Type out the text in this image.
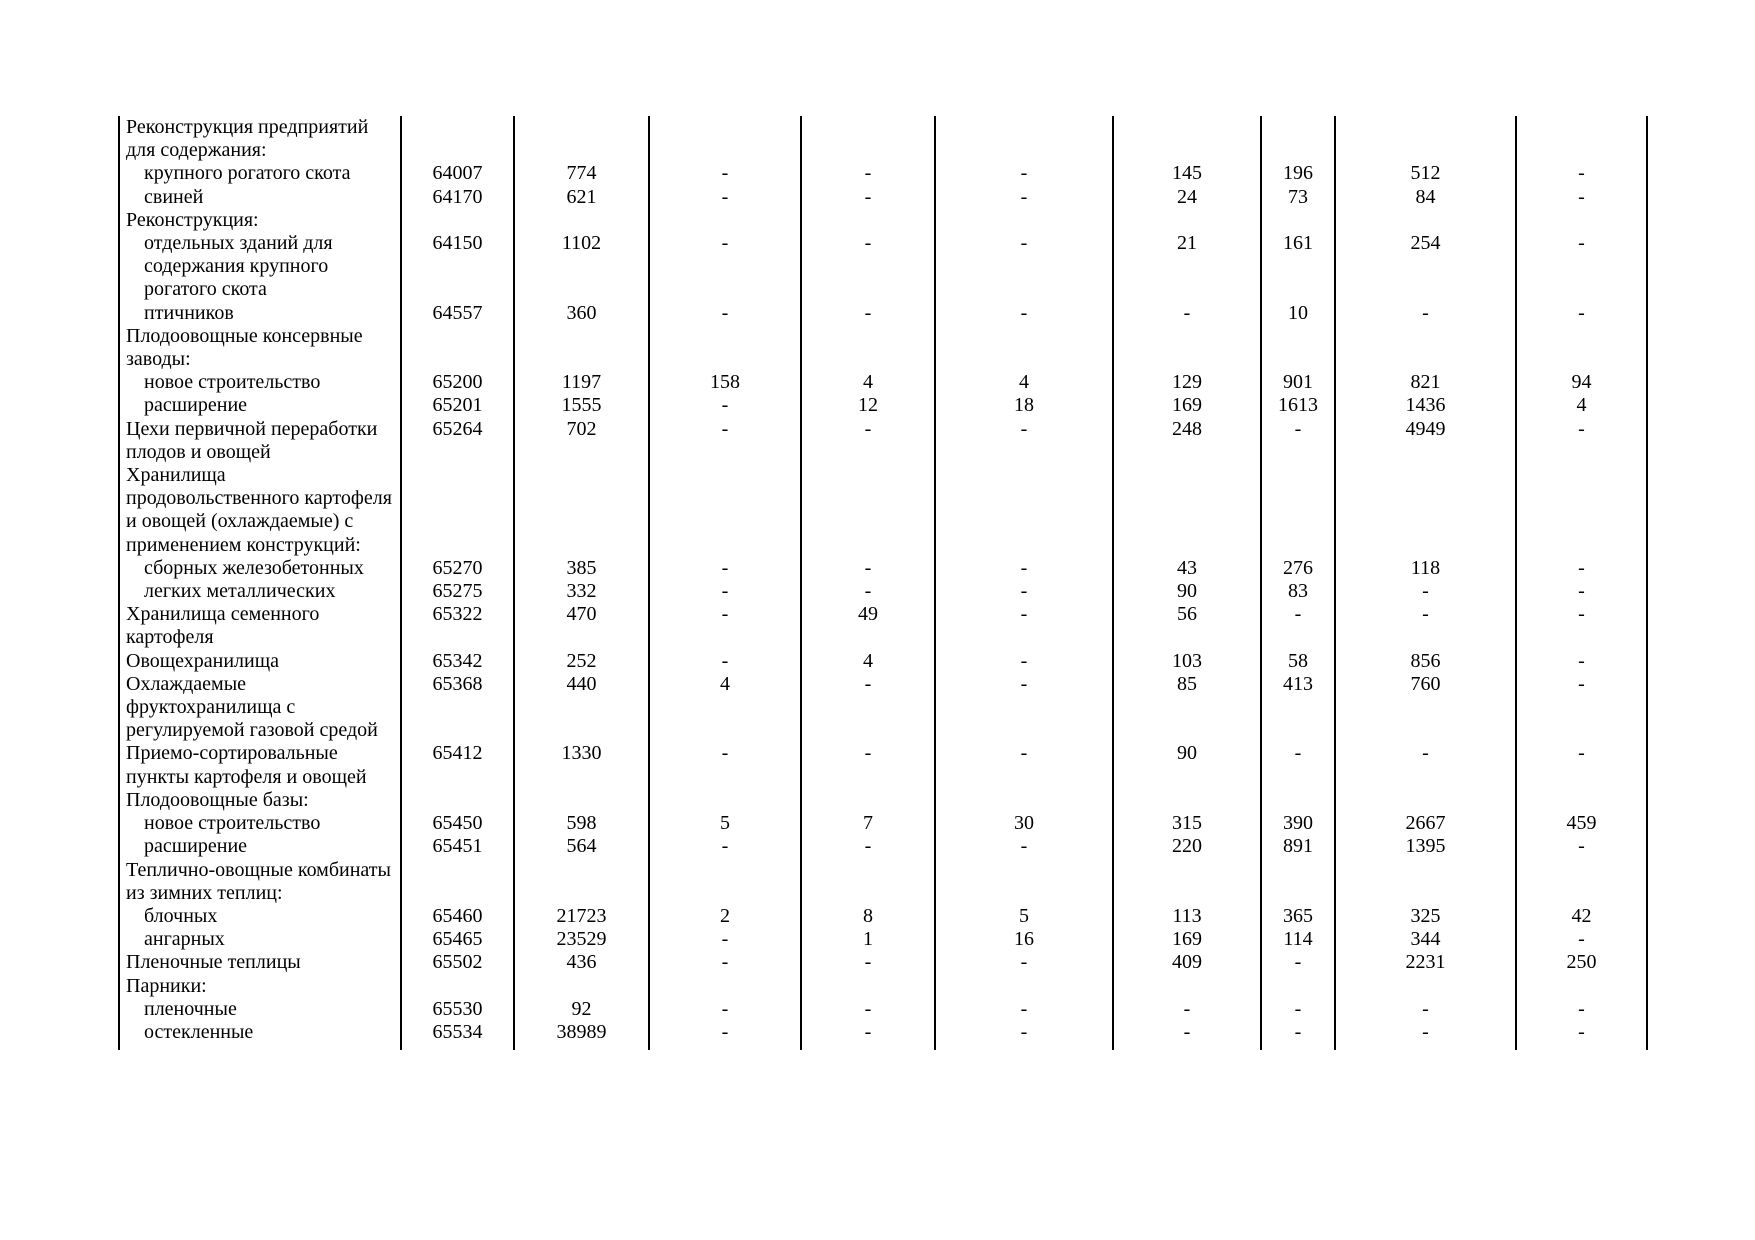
Реконструкция предприятий для содержания:									
крупного рогатого скота	64007	774	-	-	-	145	196	512	-
свиней	64170	621	-	-	-	24	73	84	-
Реконструкция:									
отдельных зданий для содержания крупного рогатого скота	64150	1102	-	-	-	21	161	254	-
птичников	64557	360	-	-	-	-	10	-	-
Плодоовощные консервные заводы:									
новое строительство	65200	1197	158	4	4	129	901	821	94
расширение	65201	1555	-	12	18	169	1613	1436	4
Цехи первичной переработки плодов и овощей	65264	702	-	-	-	248	-	4949	-
Хранилища продовольственного картофеля и овощей (охлаждаемые) с применением конструкций:									
сборных железобетонных	65270	385	-	-	-	43	276	118	-
легких металлических	65275	332	-	-	-	90	83	-	-
Хранилища семенного картофеля	65322	470	-	49	-	56	-	-	-
Овощехранилища	65342	252	-	4	-	103	58	856	-
Охлаждаемые фруктохранилища с регулируемой газовой средой	65368	440	4	-	-	85	413	760	-
Приемо-сортировальные пункты картофеля и овощей	65412	1330	-	-	-	90	-	-	-
Плодоовощные базы:									
новое строительство	65450	598	5	7	30	315	390	2667	459
расширение	65451	564	-	-	-	220	891	1395	-
Теплично-овощные комбинаты из зимних теплиц:									
блочных	65460	21723	2	8	5	113	365	325	42
ангарных	65465	23529	-	1	16	169	114	344	-
Пленочные теплицы	65502	436	-	-	-	409	-	2231	250
Парники:									
пленочные	65530	92	-	-	-	-	-	-	-
остекленные	65534	38989	-	-	-	-	-	-	-
